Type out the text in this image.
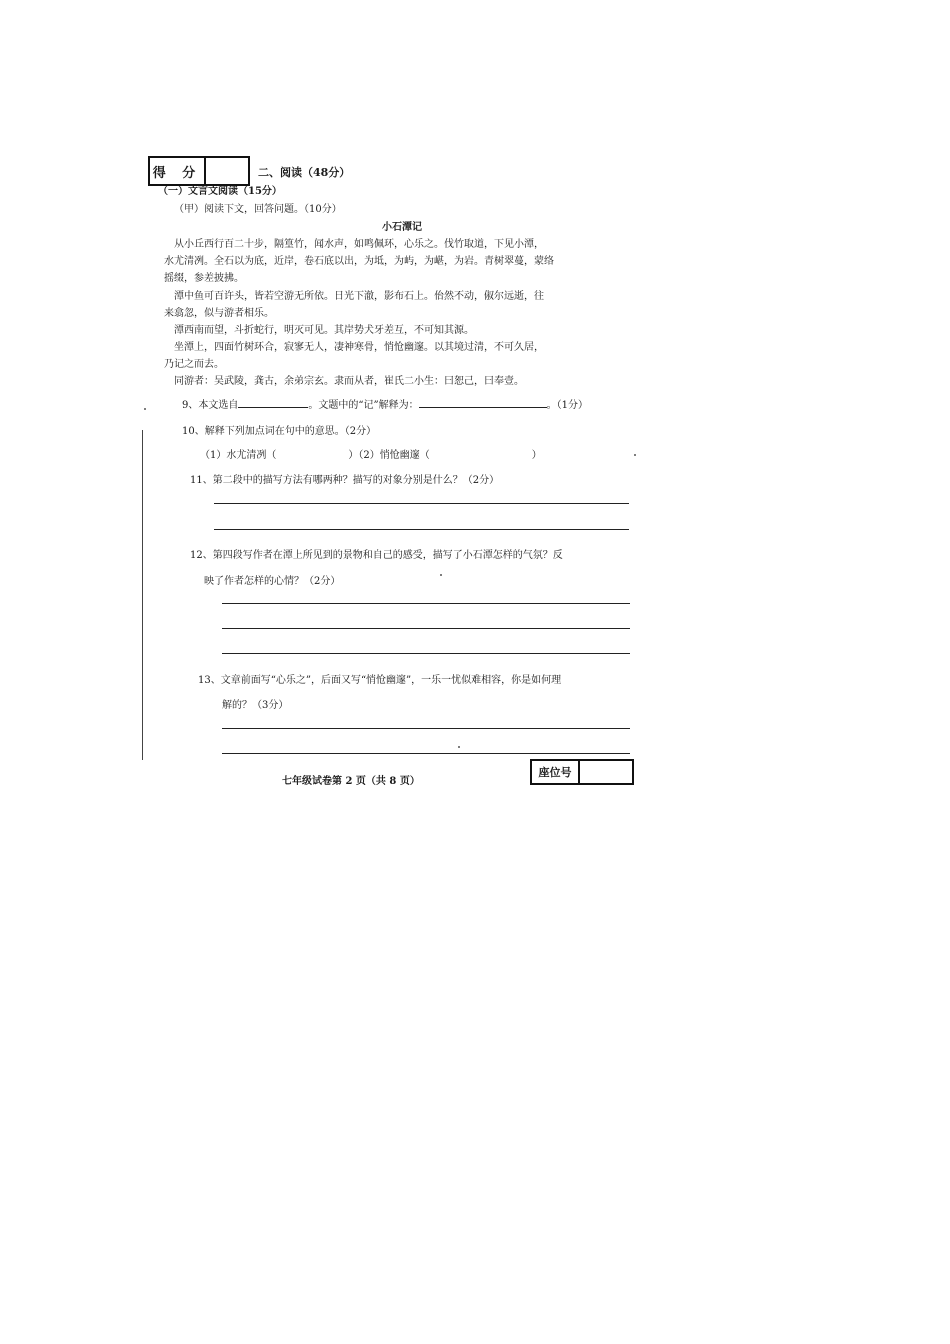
得 分	二、阅读（48分）
（一）文言文阅读（15分）
（甲）阅读下文，回答问题。（10分）
小石潭记
从小丘西行百二十步，隔篁竹，闻水声，如鸣佩环，心乐之。伐竹取道，下见小潭，
水尤清冽。全石以为底，近岸，卷石底以出，为坻，为屿，为嵁，为岩。青树翠蔓，蒙络
摇缀，参差披拂。
潭中鱼可百许头，皆若空游无所依。日光下澈，影布石上。佁然不动，俶尔远逝，往
来翕忽，似与游者相乐。
潭西南而望，斗折蛇行，明灭可见。其岸势犬牙差互，不可知其源。
坐潭上，四面竹树环合，寂寥无人，凄神寒骨，悄怆幽邃。以其境过清，不可久居，
乃记之而去。
同游者：吴武陵，龚古，余弟宗玄。隶而从者，崔氏二小生：曰恕己，曰奉壹。
9、本文选自	。文题中的“记”解释为：	。（1分）
10、解释下列加点词在句中的意思。（2分）
（1）水尤清冽（	）（2）悄怆幽邃（	）
11、第二段中的描写方法有哪两种？描写的对象分别是什么？（2分）
12、第四段写作者在潭上所见到的景物和自己的感受，描写了小石潭怎样的气氛？反
映了作者怎样的心情？（2分）
13、文章前面写“心乐之”，后面又写“悄怆幽邃”，一乐一忧似难相容，你是如何理
解的？（3分）
七年级试卷第 2 页（共 8 页）
座位号
